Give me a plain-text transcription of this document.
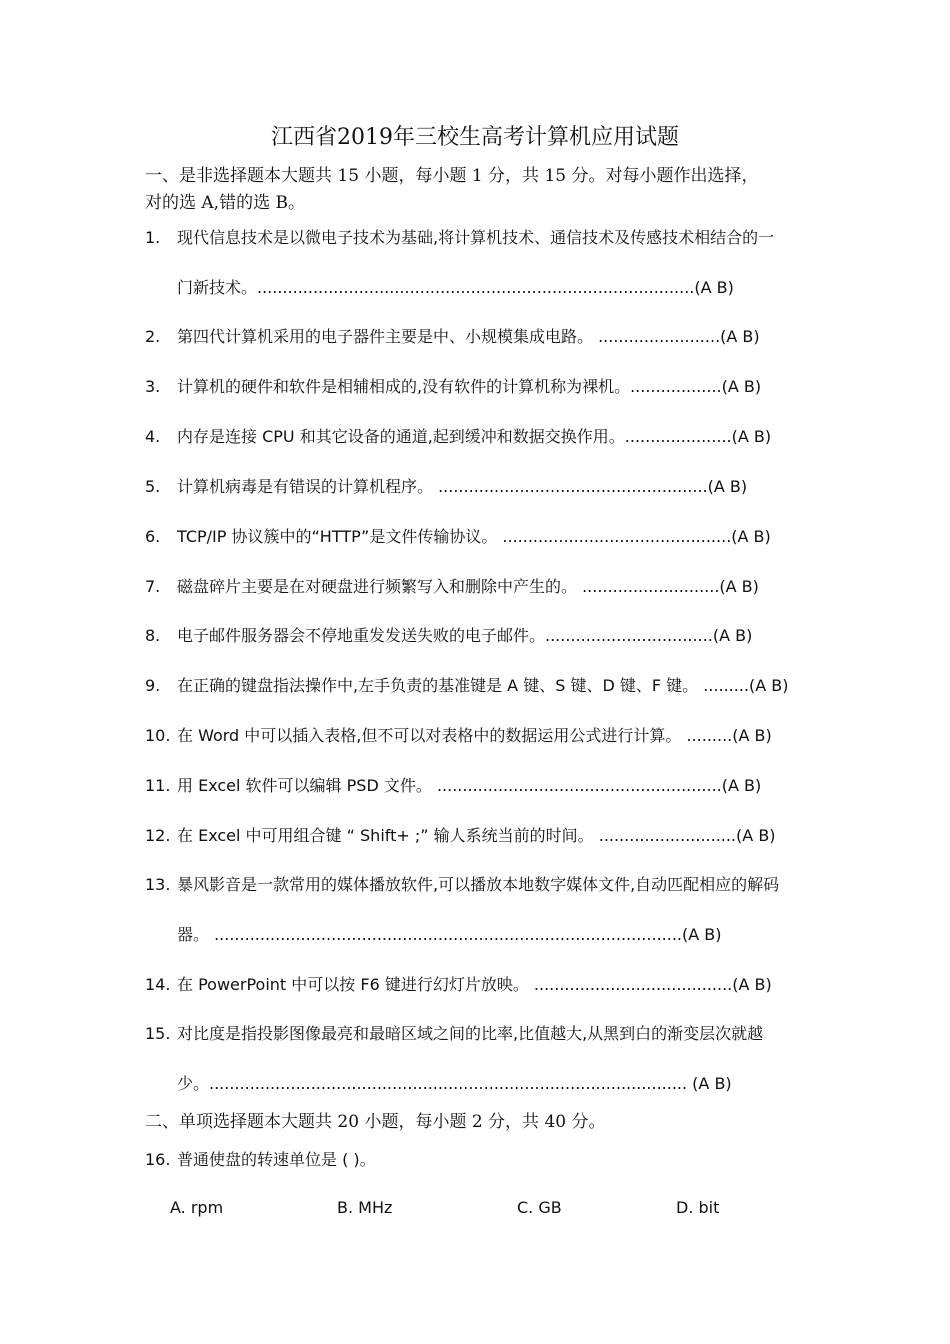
江西省2019年三校生高考计算机应用试题
一、是非选择题本大题共 15 小题，每小题 1 分，共 15 分。对每小题作出选择，
对的选 A,错的选 B。
1. 现代信息技术是以微电子技术为基础,将计算机技术、通信技术及传感技术相结合的一
门新技术。......................................................................................(A B)
2. 第四代计算机采用的电子器件主要是中、小规模集成电路。 ........................(A B)
3. 计算机的硬件和软件是相辅相成的,没有软件的计算机称为裸机。..................(A B)
4. 内存是连接 CPU 和其它设备的通道,起到缓冲和数据交换作用。.....................(A B)
5. 计算机病毒是有错误的计算机程序。 .....................................................(A B)
6. TCP/IP 协议簇中的“HTTP”是文件传输协议。 .............................................(A B)
7. 磁盘碎片主要是在对硬盘进行频繁写入和删除中产生的。 ...........................(A B)
8. 电子邮件服务器会不停地重发发送失败的电子邮件。.................................(A B)
9. 在正确的键盘指法操作中,左手负责的基准键是 A 键、S 键、D 键、F 键。 .........(A B)
10. 在 Word 中可以插入表格,但不可以对表格中的数据运用公式进行计算。 .........(A B)
11. 用 Excel 软件可以编辑 PSD 文件。 ........................................................(A B)
12. 在 Excel 中可用组合键 “ Shift+ ;” 输人系统当前的时间。 ...........................(A B)
13. 暴风影音是一款常用的媒体播放软件,可以播放本地数字媒体文件,自动匹配相应的解码
器。 ............................................................................................(A B)
14. 在 PowerPoint 中可以按 F6 键进行幻灯片放映。 .......................................(A B)
15. 对比度是指投影图像最亮和最暗区域之间的比率,比值越大,从黑到白的渐变层次就越
少。.............................................................................................. (A B)
二、单项选择题本大题共 20 小题，每小题 2 分，共 40 分。
16. 普通使盘的转速单位是 ( )。
A. rpm	B. MHz	C. GB	D. bit
